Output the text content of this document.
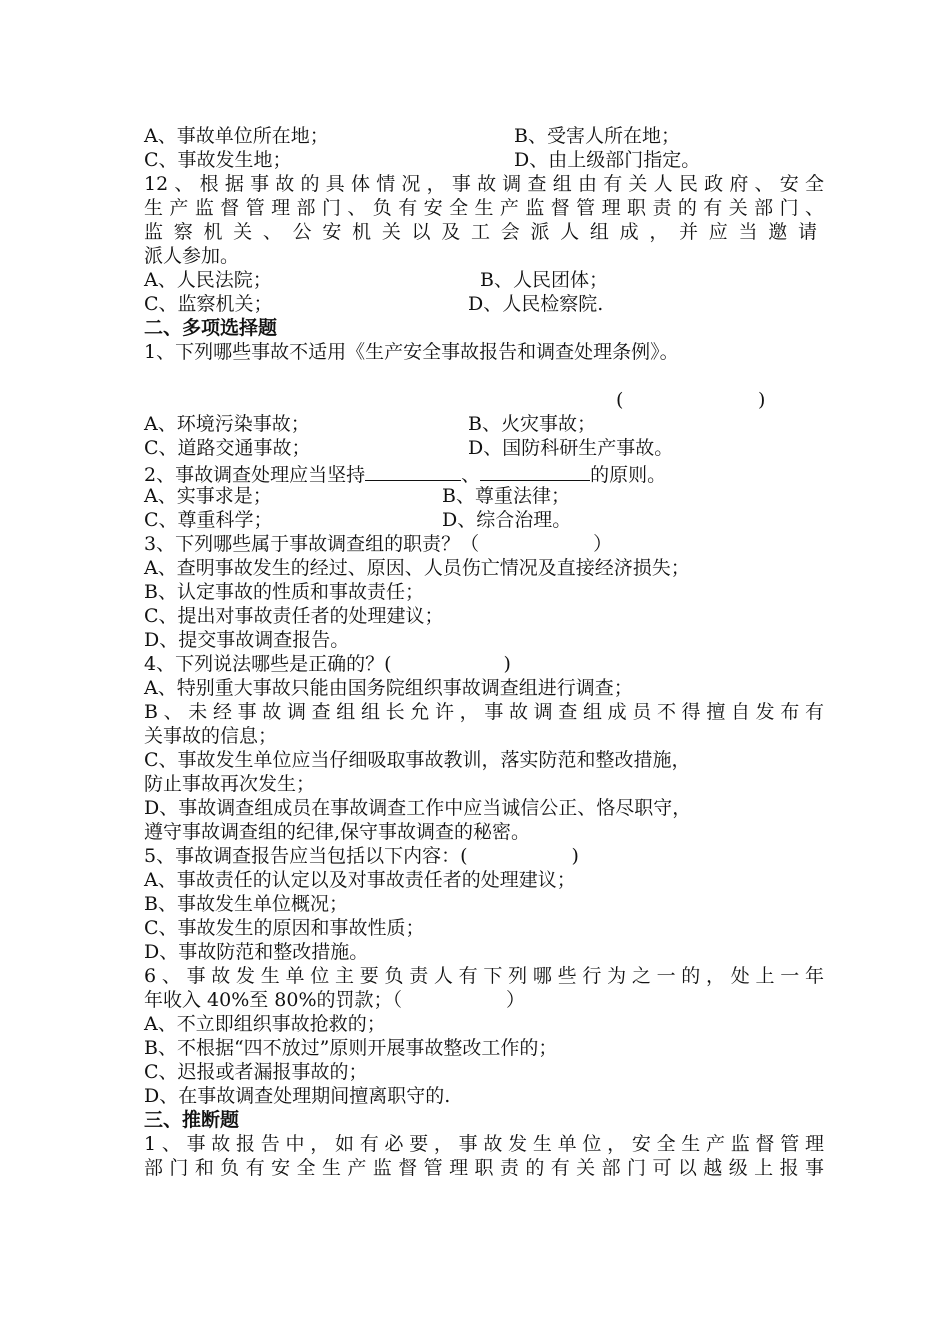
A、事故单位所在地；	B、受害人所在地；
C、事故发生地；	D、由上级部门指定。
12、根据事故的具体情况，事故调查组由有关人民政府、安全
生产监督管理部门、负有安全生产监督管理职责的有关部门、
监察机关、公安机关以及工会派人组成，并应当邀请
派人参加。
A、人民法院；	B、人民团体；
C、监察机关；	D、人民检察院.
二、多项选择题
1、下列哪些事故不适用《生产安全事故报告和调查处理条例》。
(	)
A、环境污染事故；	B、火灾事故；
C、道路交通事故；	D、国防科研生产事故。
2、事故调查处理应当坚持	、	的原则。
A、实事求是；	B、尊重法律；
C、尊重科学；	D、综合治理。
3、下列哪些属于事故调查组的职责？（	）
A、查明事故发生的经过、原因、人员伤亡情况及直接经济损失；
B、认定事故的性质和事故责任；
C、提出对事故责任者的处理建议；
D、提交事故调查报告。
4、下列说法哪些是正确的？(	)
A、特别重大事故只能由国务院组织事故调查组进行调查；
B、未经事故调查组组长允许，事故调查组成员不得擅自发布有
关事故的信息；
C、事故发生单位应当仔细吸取事故教训，落实防范和整改措施，
防止事故再次发生；
D、事故调查组成员在事故调查工作中应当诚信公正、恪尽职守，
遵守事故调查组的纪律,保守事故调查的秘密。
5、事故调查报告应当包括以下内容：(	)
A、事故责任的认定以及对事故责任者的处理建议；
B、事故发生单位概况；
C、事故发生的原因和事故性质；
D、事故防范和整改措施。
6、事故发生单位主要负责人有下列哪些行为之一的，处上一年
年收入 40%至 80%的罚款；（	）
A、不立即组织事故抢救的；
B、不根据“四不放过”原则开展事故整改工作的；
C、迟报或者漏报事故的；
D、在事故调查处理期间擅离职守的.
三、推断题
1、事故报告中，如有必要，事故发生单位，安全生产监督管理
部门和负有安全生产监督管理职责的有关部门可以越级上报事
